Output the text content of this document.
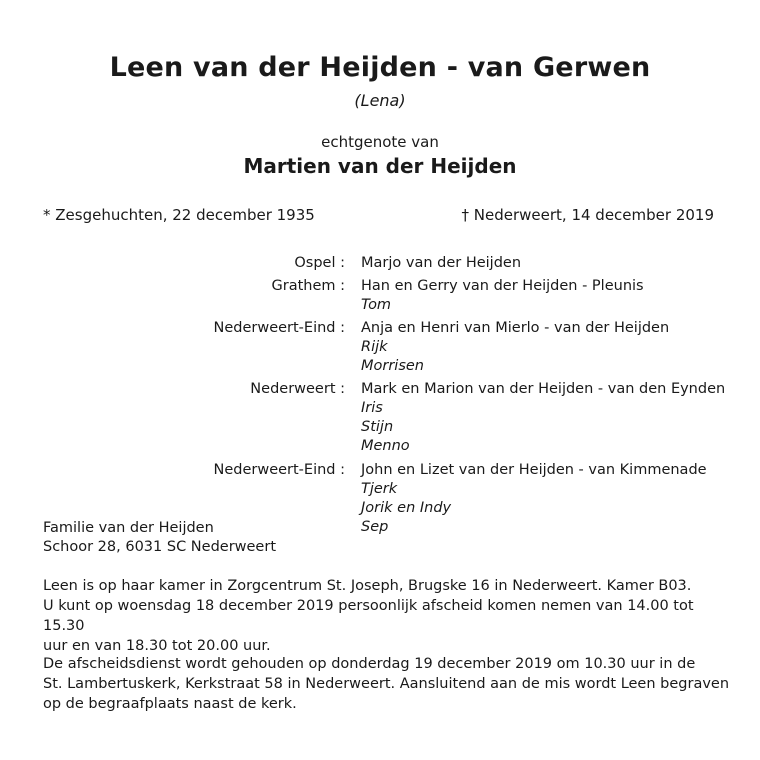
Leen van der Heijden - van Gerwen
(Lena)
echtgenote van
Martien van der Heijden
* Zesgehuchten, 22 december 1935	† Nederweert, 14 december 2019
Ospel : Marjo van der Heijden
Grathem : Han en Gerry van der Heijden - Pleunis
Tom
Nederweert-Eind : Anja en Henri van Mierlo - van der Heijden
Rijk
Morrisen
Nederweert : Mark en Marion van der Heijden - van den Eynden
Iris
Stijn
Menno
Nederweert-Eind : John en Lizet van der Heijden - van Kimmenade
Tjerk
Jorik en Indy
Sep
Familie van der Heijden
Schoor 28, 6031 SC Nederweert
Leen is op haar kamer in Zorgcentrum St. Joseph, Brugske 16 in Nederweert. Kamer B03.
U kunt op woensdag 18 december 2019 persoonlijk afscheid komen nemen van 14.00 tot 15.30
uur en van 18.30 tot 20.00 uur.
De afscheidsdienst wordt gehouden op donderdag 19 december 2019 om 10.30 uur in de
St. Lambertuskerk, Kerkstraat 58 in Nederweert. Aansluitend aan de mis wordt Leen begraven
op de begraafplaats naast de kerk.
